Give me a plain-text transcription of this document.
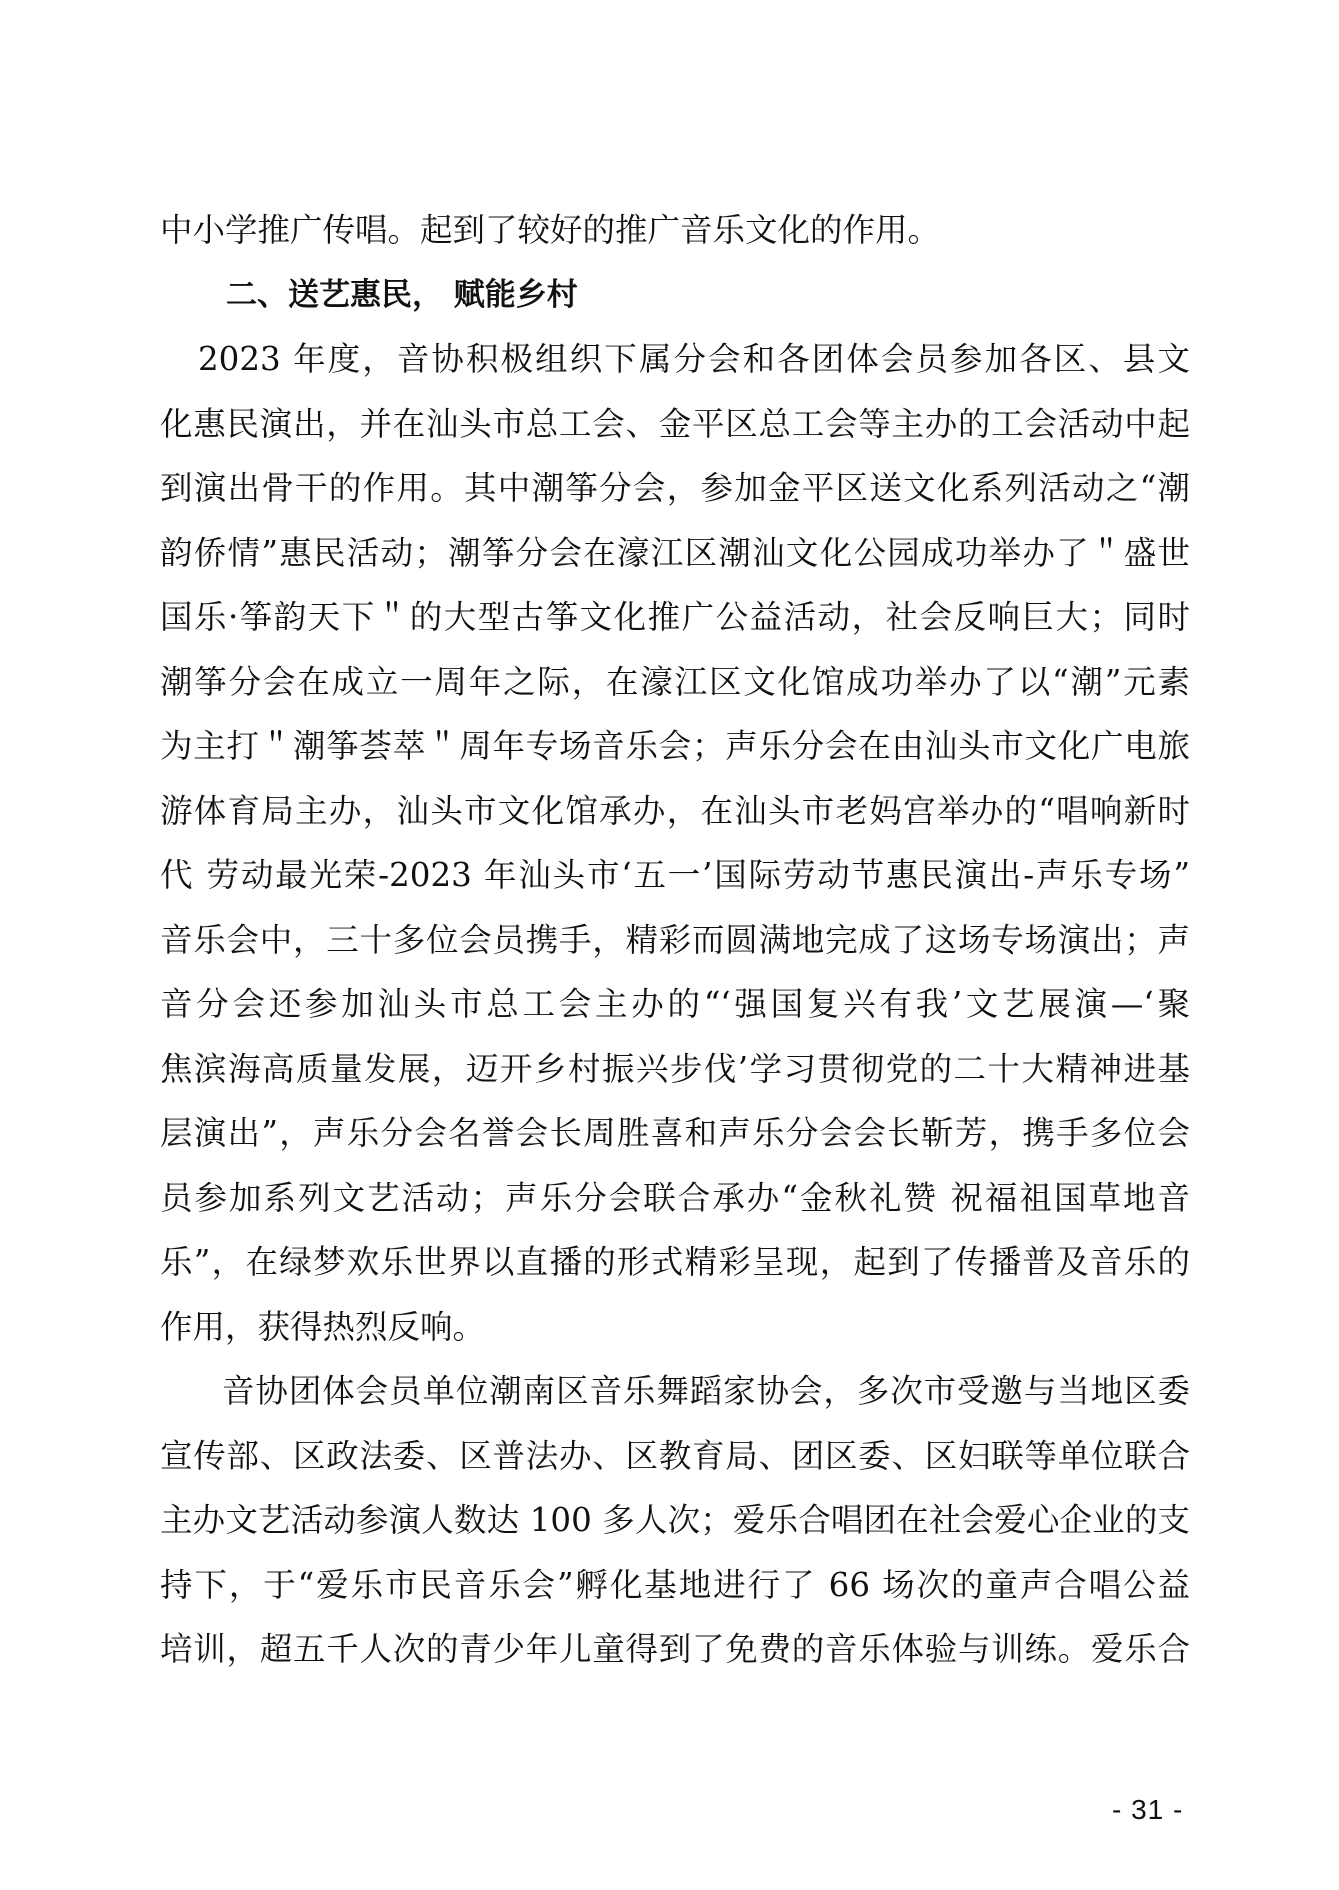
中小学推广传唱。起到了较好的推广音乐文化的作用。
二、送艺惠民， 赋能乡村
2023 年度，音协积极组织下属分会和各团体会员参加各区、县文
化惠民演出，并在汕头市总工会、金平区总工会等主办的工会活动中起
到演出骨干的作用。其中潮筝分会，参加金平区送文化系列活动之“潮
韵侨情”惠民活动；潮筝分会在濠江区潮汕文化公园成功举办了＂盛世
国乐·筝韵天下＂的大型古筝文化推广公益活动，社会反响巨大；同时
潮筝分会在成立一周年之际，在濠江区文化馆成功举办了以“潮”元素
为主打＂潮筝荟萃＂周年专场音乐会；声乐分会在由汕头市文化广电旅
游体育局主办，汕头市文化馆承办，在汕头市老妈宫举办的“唱响新时
代 劳动最光荣-2023 年汕头市‘五一’国际劳动节惠民演出-声乐专场”
音乐会中，三十多位会员携手，精彩而圆满地完成了这场专场演出；声
音分会还参加汕头市总工会主办的“‘强国复兴有我’文艺展演—‘聚
焦滨海高质量发展，迈开乡村振兴步伐’学习贯彻党的二十大精神进基
层演出”，声乐分会名誉会长周胜喜和声乐分会会长靳芳，携手多位会
员参加系列文艺活动；声乐分会联合承办“金秋礼赞 祝福祖国草地音
乐”，在绿梦欢乐世界以直播的形式精彩呈现，起到了传播普及音乐的
作用，获得热烈反响。
音协团体会员单位潮南区音乐舞蹈家协会，多次市受邀与当地区委
宣传部、区政法委、区普法办、区教育局、团区委、区妇联等单位联合
主办文艺活动参演人数达 100 多人次；爱乐合唱团在社会爱心企业的支
持下，于“爱乐市民音乐会”孵化基地进行了 66 场次的童声合唱公益
培训，超五千人次的青少年儿童得到了免费的音乐体验与训练。爱乐合
- 31 -
